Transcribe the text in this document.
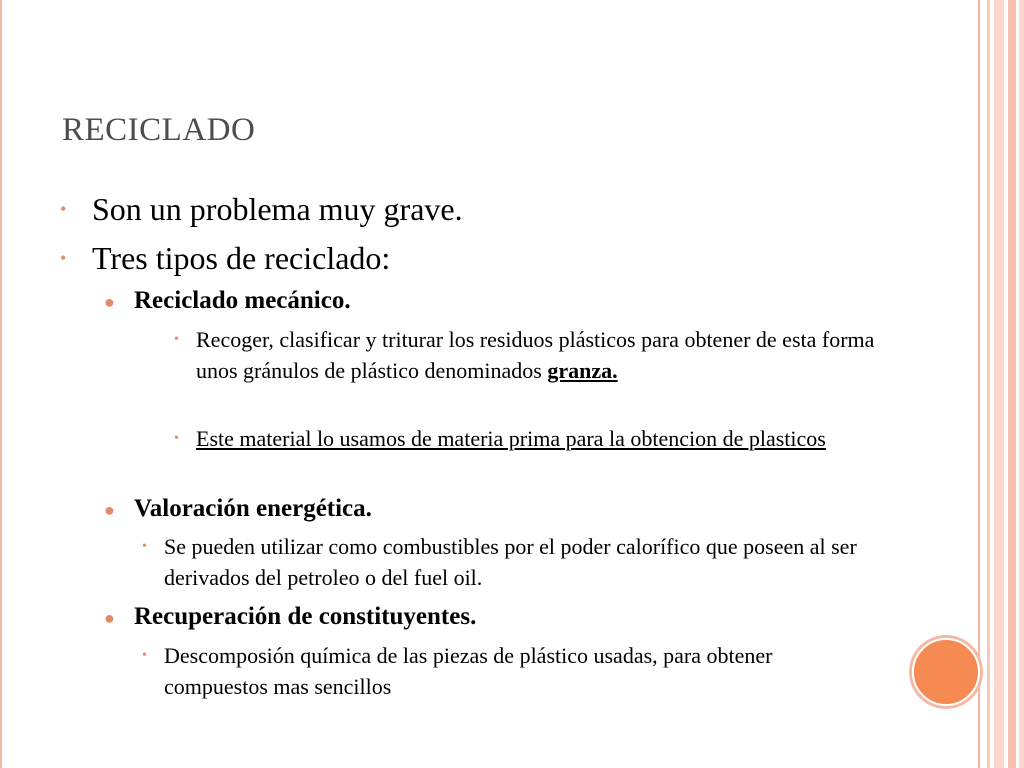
RECICLADO
• Son un problema muy grave.
• Tres tipos de reciclado:
● Reciclado mecánico.
• Recoger, clasificar y triturar los residuos plásticos para obtener de esta forma unos gránulos de plástico denominados granza.
• Este material lo usamos de materia prima para la obtencion de plasticos
● Valoración energética.
• Se pueden utilizar como combustibles por el poder calorífico que poseen al ser derivados del petroleo o del fuel oil.
● Recuperación de constituyentes.
• Descomposión química de las piezas de plástico usadas, para obtener compuestos mas sencillos
